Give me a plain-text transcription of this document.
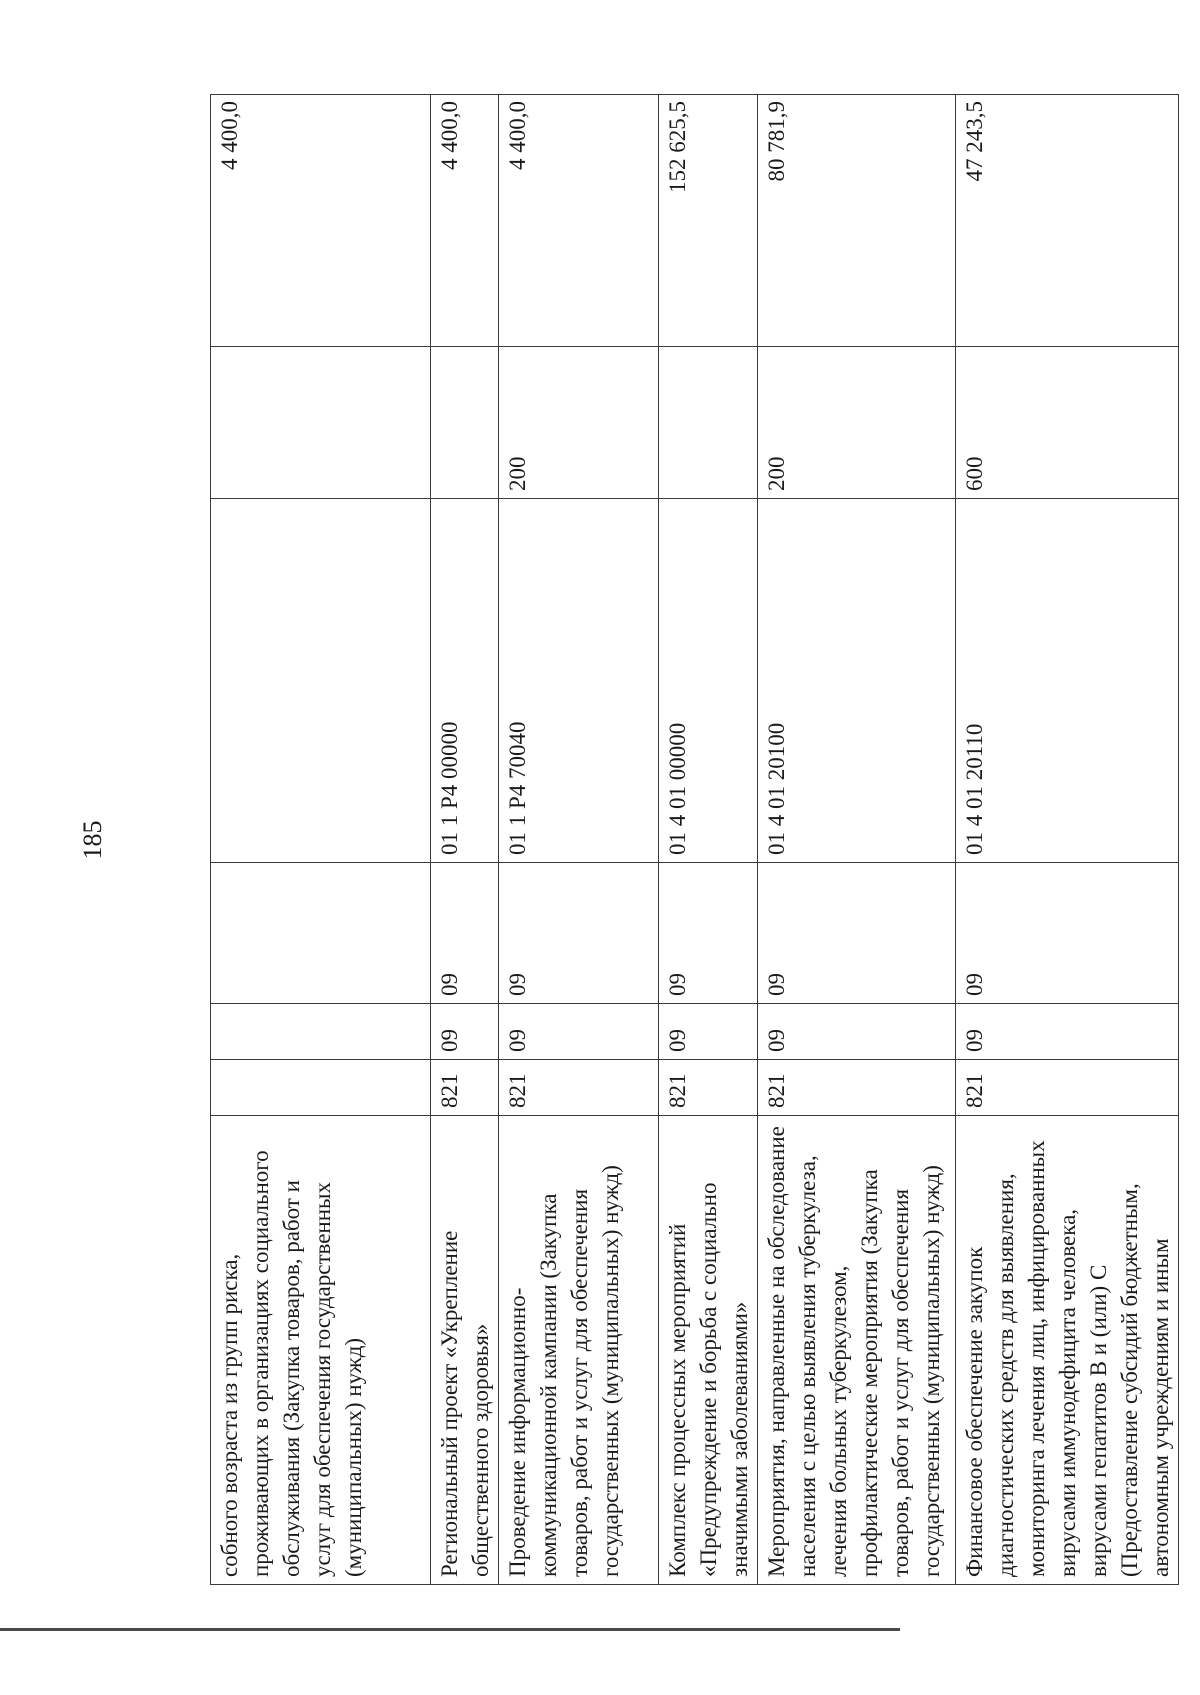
185
собного возраста из групп риска, проживающих в организациях социального обслуживания (Закупка товаров, работ и услуг для обеспечения государственных (муниципальных) нужд)						4 400,0
Региональный проект «Укрепление общественного здоровья»	821	09	09	01 1 P4 00000		4 400,0
Проведение информационно-коммуникационной кампании (Закупка товаров, работ и услуг для обеспечения государственных (муниципальных) нужд)	821	09	09	01 1 P4 70040	200	4 400,0
Комплекс процессных мероприятий «Предупреждение и борьба с социально значимыми заболеваниями»	821	09	09	01 4 01 00000		152 625,5
Мероприятия, направленные на обследование населения с целью выявления туберкулеза, лечения больных туберкулезом, профилактические мероприятия (Закупка товаров, работ и услуг для обеспечения государственных (муниципальных) нужд)	821	09	09	01 4 01 20100	200	80 781,9
Финансовое обеспечение закупок диагностических средств для выявления, мониторинга лечения лиц, инфицированных вирусами иммунодефицита человека, вирусами гепатитов В и (или) С (Предоставление субсидий бюджетным, автономным учреждениям и иным	821	09	09	01 4 01 20110	600	47 243,5
